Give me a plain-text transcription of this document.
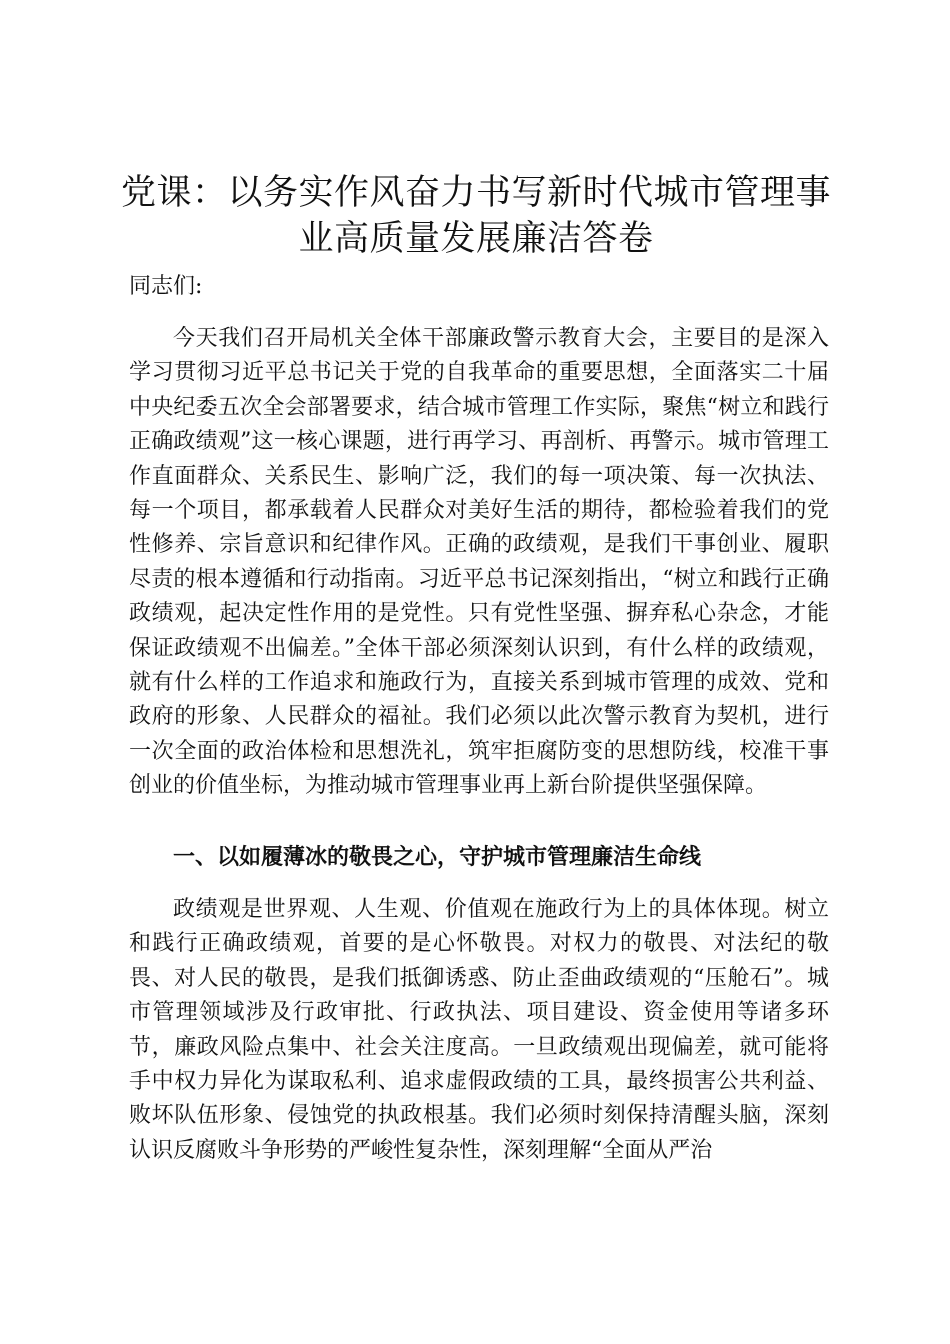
党课：以务实作风奋力书写新时代城市管理事业高质量发展廉洁答卷

同志们:

今天我们召开局机关全体干部廉政警示教育大会，主要目的是深入学习贯彻习近平总书记关于党的自我革命的重要思想，全面落实二十届中央纪委五次全会部署要求，结合城市管理工作实际，聚焦“树立和践行正确政绩观”这一核心课题，进行再学习、再剖析、再警示。城市管理工作直面群众、关系民生、影响广泛，我们的每一项决策、每一次执法、每一个项目，都承载着人民群众对美好生活的期待，都检验着我们的党性修养、宗旨意识和纪律作风。正确的政绩观，是我们干事创业、履职尽责的根本遵循和行动指南。习近平总书记深刻指出，“树立和践行正确政绩观，起决定性作用的是党性。只有党性坚强、摒弃私心杂念，才能保证政绩观不出偏差。”全体干部必须深刻认识到，有什么样的政绩观，就有什么样的工作追求和施政行为，直接关系到城市管理的成效、党和政府的形象、人民群众的福祉。我们必须以此次警示教育为契机，进行一次全面的政治体检和思想洗礼，筑牢拒腐防变的思想防线，校准干事创业的价值坐标，为推动城市管理事业再上新台阶提供坚强保障。

一、以如履薄冰的敬畏之心，守护城市管理廉洁生命线

政绩观是世界观、人生观、价值观在施政行为上的具体体现。树立和践行正确政绩观，首要的是心怀敬畏。对权力的敬畏、对法纪的敬畏、对人民的敬畏，是我们抵御诱惑、防止歪曲政绩观的“压舱石”。城市管理领域涉及行政审批、行政执法、项目建设、资金使用等诸多环节，廉政风险点集中、社会关注度高。一旦政绩观出现偏差，就可能将手中权力异化为谋取私利、追求虚假政绩的工具，最终损害公共利益、败坏队伍形象、侵蚀党的执政根基。我们必须时刻保持清醒头脑，深刻认识反腐败斗争形势的严峻性复杂性，深刻理解“全面从严治
